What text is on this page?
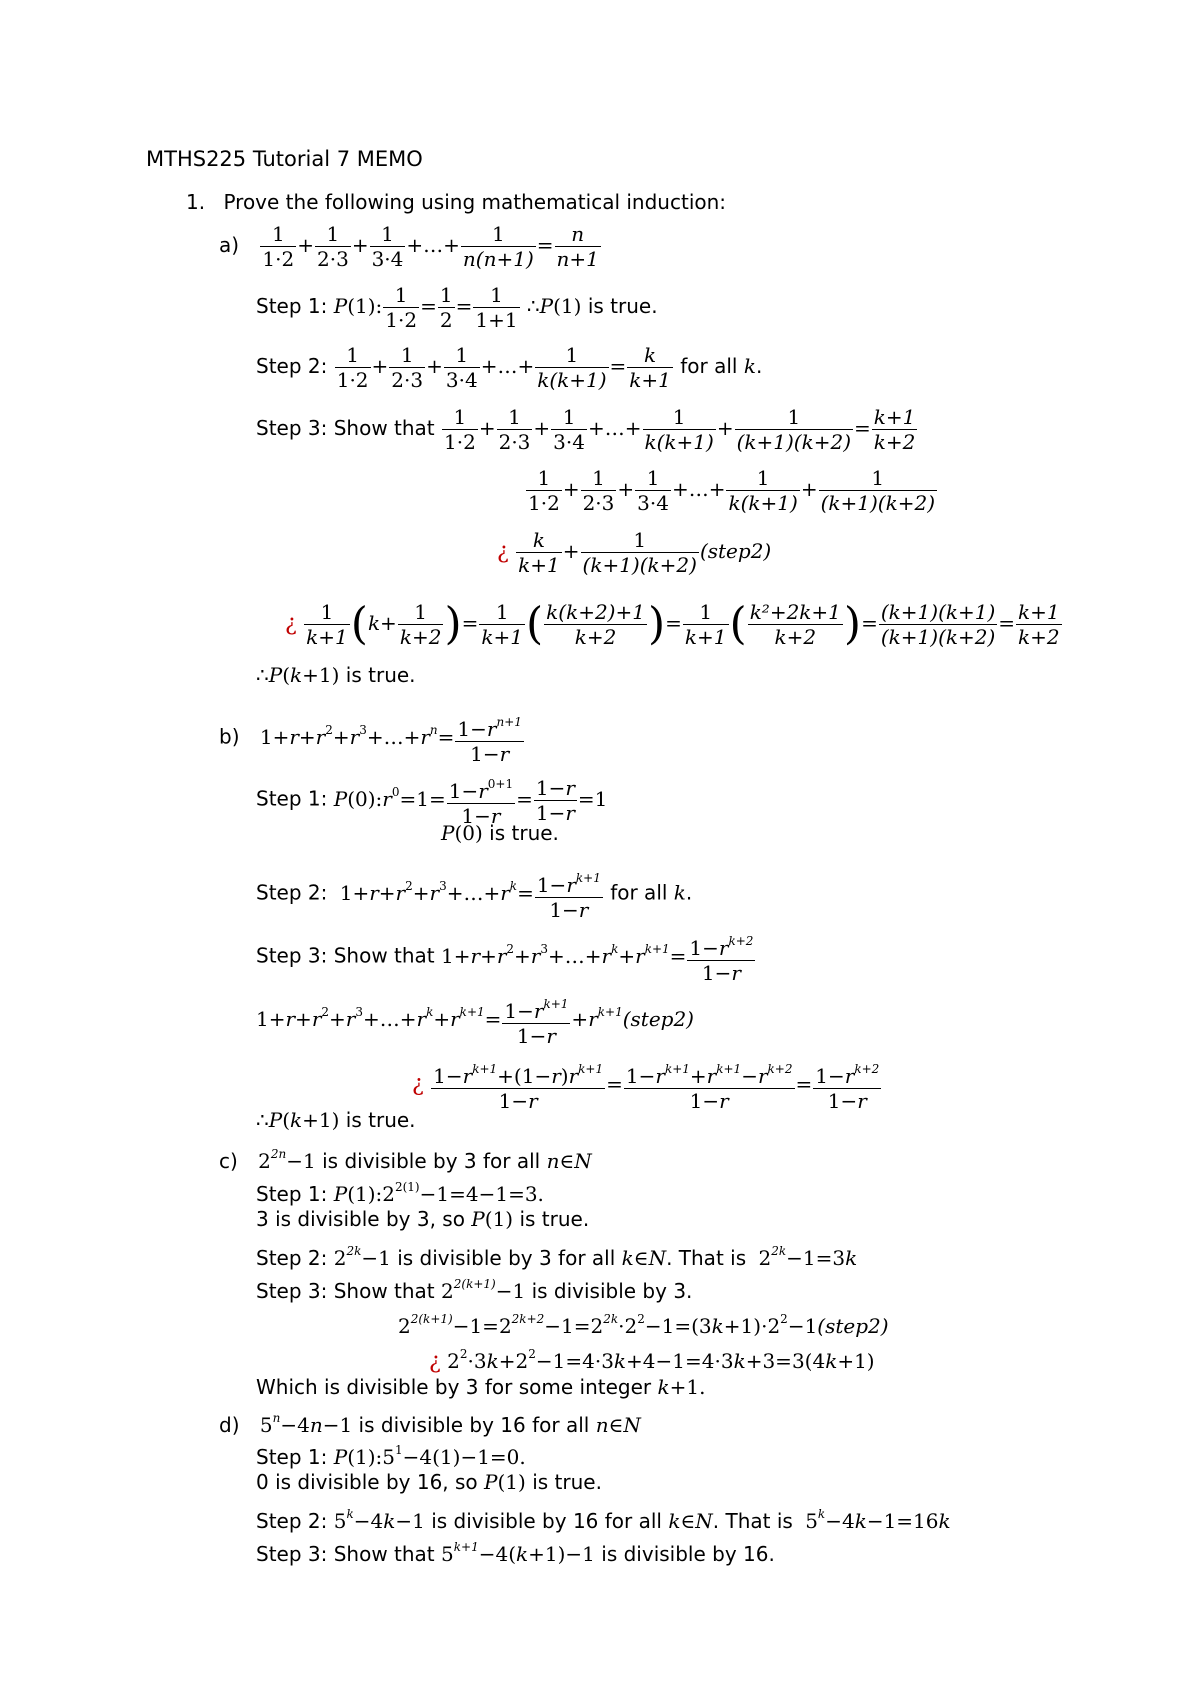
MTHS225 Tutorial 7 MEMO
1. Prove the following using mathematical induction:
$a) \frac{1}{1\cdot 2} + \frac{1}{2\cdot 3} + \frac{1}{3\cdot 4}$ +…+ $\frac{1}{n(n+1)} = \frac{n}{n+1}$
Step 1: P(1): $\frac{1}{1\cdot 2} = \frac{1}{2} = \frac{1}{1+1}$ ∴P(1) is true.
Step 2: $\frac{1}{1\cdot 2} + \frac{1}{2\cdot 3} + \frac{1}{3\cdot 4}$ +…+ $\frac{1}{k(k+1)} = \frac{k}{k+1}$ for all k.
Step 3: Show that $\frac{1}{1\cdot 2} + \frac{1}{2\cdot 3} + \frac{1}{3\cdot 4}$ +…+ $\frac{1}{k(k+1)} + \frac{1}{(k+1)(k+2)} = \frac{k+1}{k+2}$
$\frac{1}{1\cdot 2} + \frac{1}{2\cdot 3} + \frac{1}{3\cdot 4}$ +…+ $\frac{1}{k(k+1)} + \frac{1}{(k+1)(k+2)}$
¿ $\frac{k}{k+1} + \frac{1}{(k+1)(k+2)}$ (step2)
¿ $\frac{1}{k+1} (k+ \frac{1}{k+2}$ )= $\frac{1}{k+1}$ ( $\frac{k(k+2)+1}{k+2}$ )= $\frac{1}{k+1}$ ( $\frac{\text{k²+2k+1}}{k+2}$ )= $\frac{(k+1)(k+1)}{(k+1)(k+2)} = \frac{k+1}{k+2}$
∴P(k+1) is true.
b) $1+r+r^2+r^3+\dots+r^n= \frac{1-r^{n+1}}{1-r}$
Step 1: $P(0):r^0=1= \frac{1-r^{0+1}}{1-r} = \frac{1-r}{1-r} =1$
P(0) is true.
Step 2: $1+r+r^2+r^3+\dots+r^k= \frac{1-r^{k+1}}{1-r}$ for all k.
Step 3: Show that $1+r+r^2+r^3+\dots+r^k+r^{k+1}= \frac{1-r^{k+2}}{1-r}$
$1+r+r^2+r^3+\dots+r^k+r^{k+1}= \frac{1-r^{k+1}}{1-r}$ $+r^{k+1}(step2)$
¿ $\frac{1-r^{k+1}+(1-r)r^{k+1}}{1-r} = \frac{1-r^{k+1}+r^{k+1}-r^{k+2}}{1-r} = \frac{1-r^{k+2}}{1-r}$
∴P(k+1) is true.
c) $2^{2n}-1$ is divisible by 3 for all n∈N
Step 1: $P(1):2^{2(1)}-1=4-1=3$.
3 is divisible by 3, so P(1) is true.
Step 2: $2^{2k}-1$ is divisible by 3 for all k∈N. That is $2^{2k}-1=3k$
Step 3: Show that $2^{2(k+1)}-1$ is divisible by 3.
$2^{2(k+1)}-1=2^{2k+2}-1=2^{2k}\cdot 2^2-1=(3k+1)\cdot 2^2-1(step2)$
¿ $2^2\cdot 3k+2^2-1=4\cdot 3k+4-1=4\cdot 3k+3=3(4k+1)$
Which is divisible by 3 for some integer k+1.
d) $5^n-4n-1$ is divisible by 16 for all n∈N
Step 1: $P(1):5^1-4(1)-1=0$.
0 is divisible by 16, so P(1) is true.
Step 2: $5^k-4k-1$ is divisible by 16 for all k∈N. That is $5^k-4k-1=16k$
Step 3: Show that $5^{k+1}-4(k+1)-1$ is divisible by 16.
